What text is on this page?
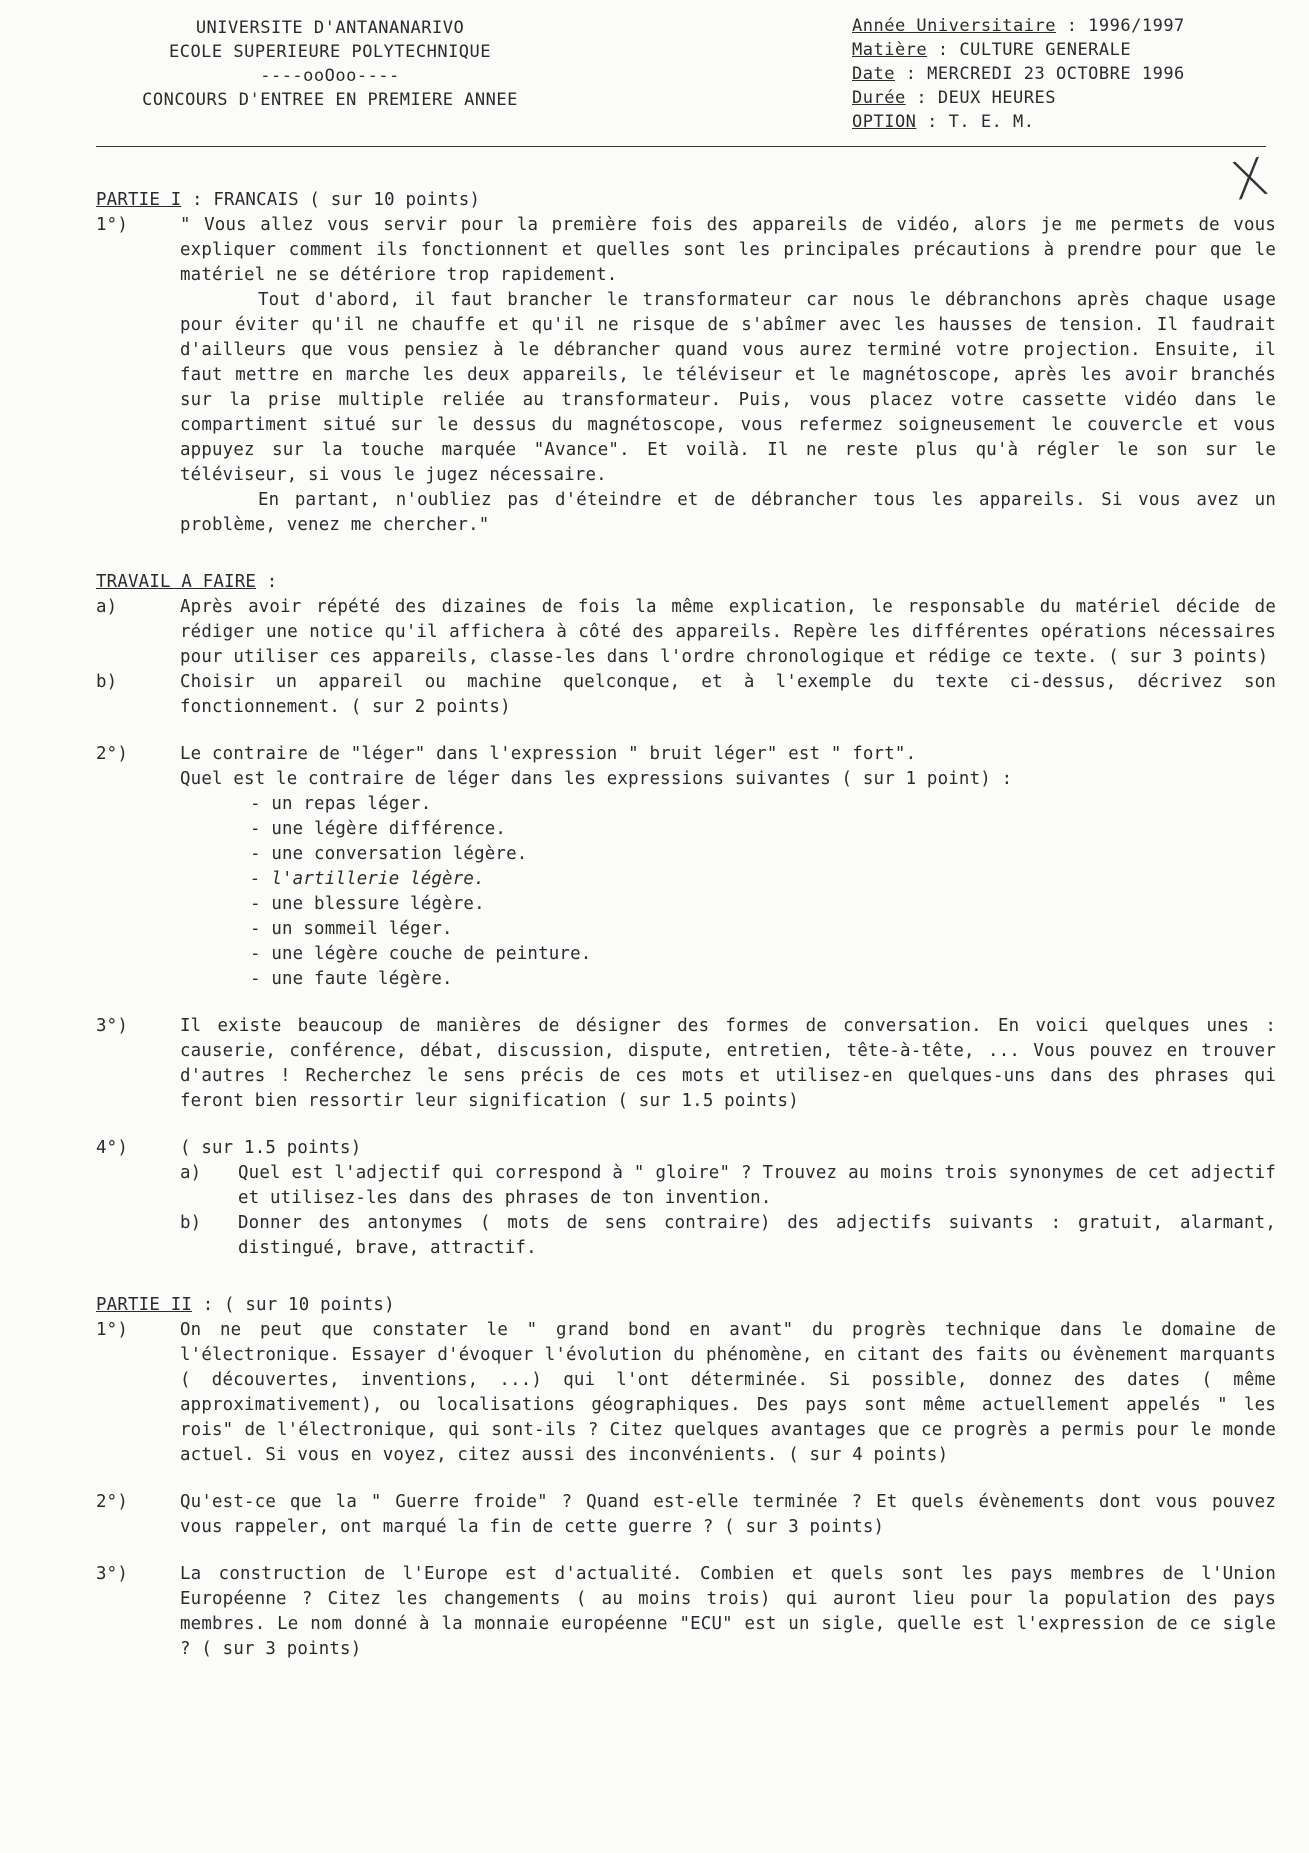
UNIVERSITE D'ANTANANARIVO
ECOLE SUPERIEURE POLYTECHNIQUE
----ooOoo----
CONCOURS D'ENTREE EN PREMIERE ANNEE
Année Universitaire : 1996/1997
Matière : CULTURE GENERALE
Date : MERCREDI 23 OCTOBRE 1996
Durée : DEUX HEURES
OPTION : T. E. M.
X
PARTIE I : FRANCAIS ( sur 10 points)
1°)	" Vous allez vous servir pour la première fois des appareils de vidéo, alors je me permets de vous expliquer comment ils fonctionnent et quelles sont les principales précautions à prendre pour que le matériel ne se détériore trop rapidement.

Tout d'abord, il faut brancher le transformateur car nous le débranchons après chaque usage pour éviter qu'il ne chauffe et qu'il ne risque de s'abîmer avec les hausses de tension. Il faudrait d'ailleurs que vous pensiez à le débrancher quand vous aurez terminé votre projection. Ensuite, il faut mettre en marche les deux appareils, le téléviseur et le magnétoscope, après les avoir branchés sur la prise multiple reliée au transformateur. Puis, vous placez votre cassette vidéo dans le compartiment situé sur le dessus du magnétoscope, vous refermez soigneusement le couvercle et vous appuyez sur la touche marquée "Avance". Et voilà. Il ne reste plus qu'à régler le son sur le téléviseur, si vous le jugez nécessaire.

En partant, n'oubliez pas d'éteindre et de débrancher tous les appareils. Si vous avez un problème, venez me chercher."

TRAVAIL A FAIRE :
a)	Après avoir répété des dizaines de fois la même explication, le responsable du matériel décide de rédiger une notice qu'il affichera à côté des appareils. Repère les différentes opérations nécessaires pour utiliser ces appareils, classe-les dans l'ordre chronologique et rédige ce texte. ( sur 3 points)

b)	Choisir un appareil ou machine quelconque, et à l'exemple du texte ci-dessus, décrivez son fonctionnement. ( sur 2 points)

2°)	Le contraire de "léger" dans l'expression " bruit léger" est " fort".

Quel est le contraire de léger dans les expressions suivantes ( sur 1 point) :

- un repas léger.
- une légère différence.
- une conversation légère.
- l'artillerie légère.
- une blessure légère.
- un sommeil léger.
- une légère couche de peinture.
- une faute légère.
3°)	Il existe beaucoup de manières de désigner des formes de conversation. En voici quelques unes : causerie, conférence, débat, discussion, dispute, entretien, tête-à-tête, ... Vous pouvez en trouver d'autres ! Recherchez le sens précis de ces mots et utilisez-en quelques-uns dans des phrases qui feront bien ressortir leur signification ( sur 1.5 points)

4°)	( sur 1.5 points)

a) Quel est l'adjectif qui correspond à " gloire" ? Trouvez au moins trois synonymes de cet adjectif et utilisez-les dans des phrases de ton invention.

b) Donner des antonymes ( mots de sens contraire) des adjectifs suivants : gratuit, alarmant, distingué, brave, attractif.

PARTIE II : ( sur 10 points)
1°)	On ne peut que constater le " grand bond en avant" du progrès technique dans le domaine de l'électronique. Essayer d'évoquer l'évolution du phénomène, en citant des faits ou évènement marquants ( découvertes, inventions, ...) qui l'ont déterminée. Si possible, donnez des dates ( même approximativement), ou localisations géographiques. Des pays sont même actuellement appelés " les rois" de l'électronique, qui sont-ils ? Citez quelques avantages que ce progrès a permis pour le monde actuel. Si vous en voyez, citez aussi des inconvénients. ( sur 4 points)

2°)	Qu'est-ce que la " Guerre froide" ? Quand est-elle terminée ? Et quels évènements dont vous pouvez vous rappeler, ont marqué la fin de cette guerre ? ( sur 3 points)

3°)	La construction de l'Europe est d'actualité. Combien et quels sont les pays membres de l'Union Européenne ? Citez les changements ( au moins trois) qui auront lieu pour la population des pays membres. Le nom donné à la monnaie européenne "ECU" est un sigle, quelle est l'expression de ce sigle ? ( sur 3 points)
